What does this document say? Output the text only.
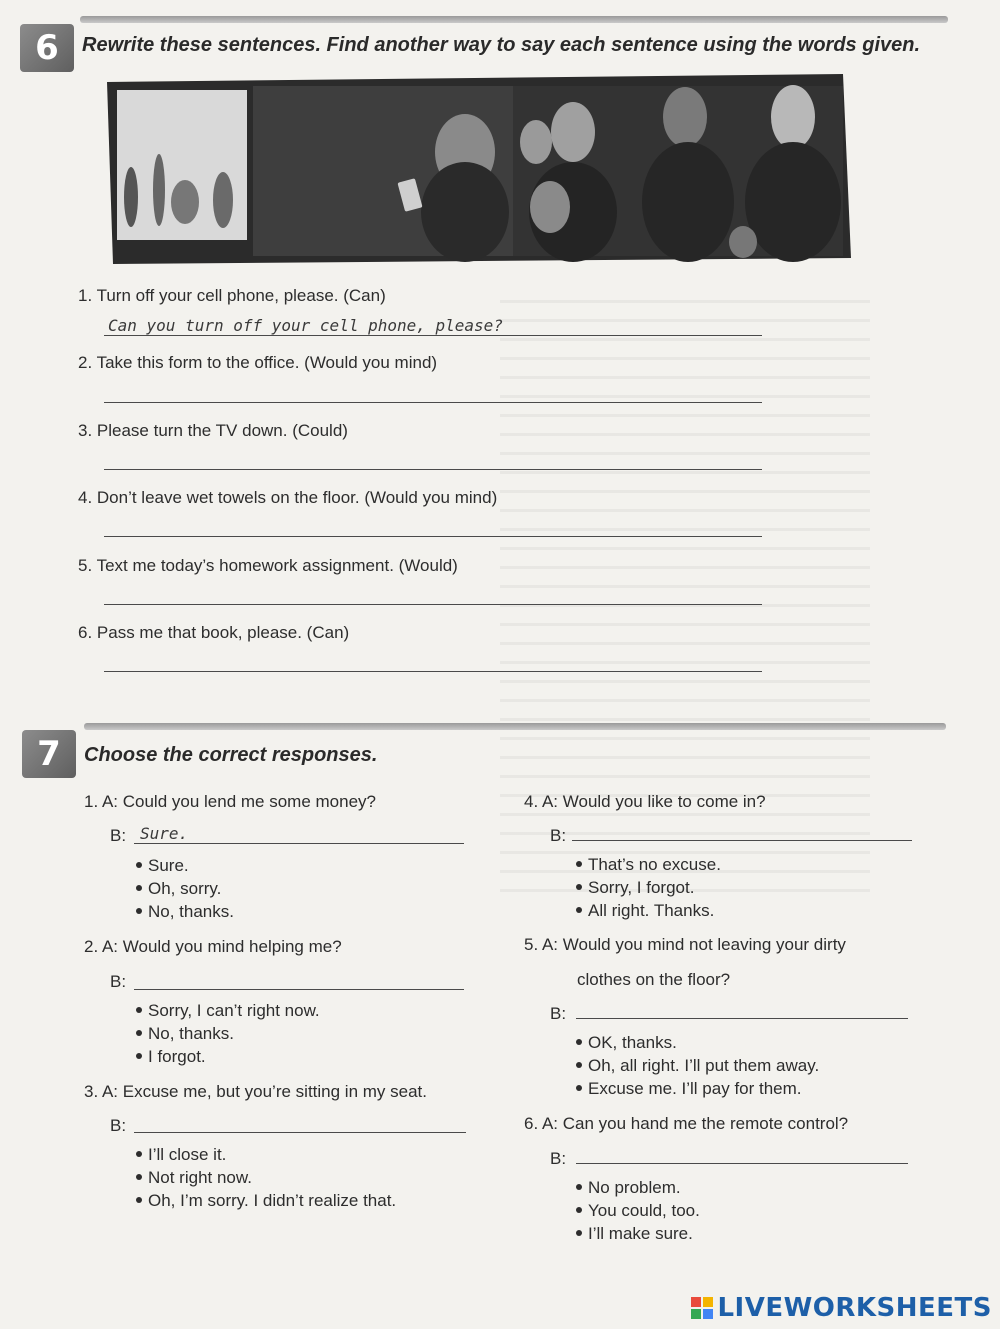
6	Rewrite these sentences. Find another way to say each sentence using the words given.
1. Turn off your cell phone, please. (Can)
Can you turn off your cell phone, please?
2. Take this form to the office. (Would you mind)
3. Please turn the TV down. (Could)
4. Don’t leave wet towels on the floor. (Would you mind)
5. Text me today’s homework assignment. (Would)
6. Pass me that book, please. (Can)
7	Choose the correct responses.
1. A: Could you lend me some money?
B: Sure.
Sure.
Oh, sorry.
No, thanks.
2. A: Would you mind helping me?
B:
Sorry, I can’t right now.
No, thanks.
I forgot.
3. A: Excuse me, but you’re sitting in my seat.
B:
I’ll close it.
Not right now.
Oh, I’m sorry. I didn’t realize that.
4. A: Would you like to come in?
B:
That’s no excuse.
Sorry, I forgot.
All right. Thanks.
5. A: Would you mind not leaving your dirty
clothes on the floor?
B:
OK, thanks.
Oh, all right. I’ll put them away.
Excuse me. I’ll pay for them.
6. A: Can you hand me the remote control?
B:
No problem.
You could, too.
I’ll make sure.
LIVEWORKSHEETS
